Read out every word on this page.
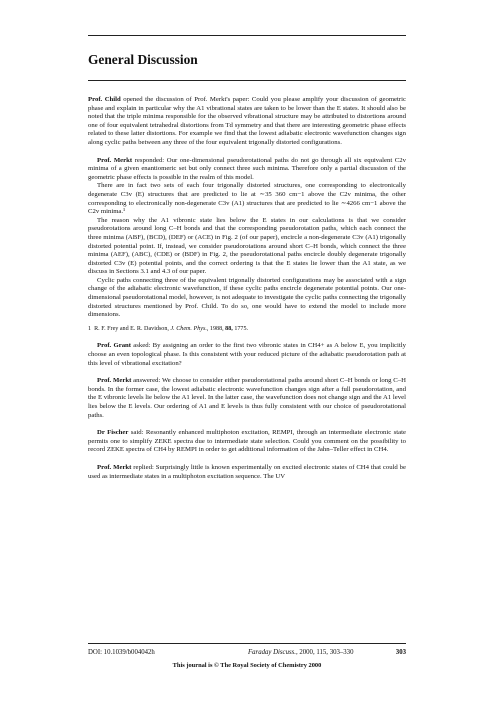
General Discussion

Prof. Child opened the discussion of Prof. Merkt's paper: Could you please amplify your discussion of geometric phase and explain in particular why the A1 vibrational states are taken to be lower than the E states. It should also be noted that the triple minima responsible for the observed vibrational structure may be attributed to distortions around one of four equivalent tetrahedral distortions from Td symmetry and that there are interesting geometric phase effects related to these latter distortions. For example we find that the lowest adiabatic electronic wavefunction changes sign along cyclic paths between any three of the four equivalent trigonally distorted configurations.

Prof. Merkt responded: Our one-dimensional pseudorotational paths do not go through all six equivalent C2v minima of a given enantiomeric set but only connect three such minima. Therefore only a partial discussion of the geometric phase effects is possible in the realm of this model.

There are in fact two sets of each four trigonally distorted structures, one corresponding to electronically degenerate C3v (E) structures that are predicted to lie at ∼35 360 cm−1 above the C2v minima, the other corresponding to electronically non-degenerate C3v (A1) structures that are predicted to lie ∼4266 cm−1 above the C2v minima.¹

The reason why the A1 vibronic state lies below the E states in our calculations is that we consider pseudorotations around long C–H bonds and that the corresponding pseudorotation paths, which each connect the three minima (ABF), (BCD), (DEF) or (ACE) in Fig. 2 (of our paper), encircle a non-degenerate C3v (A1) trigonally distorted potential point. If, instead, we consider pseudorotations around short C–H bonds, which connect the three minima (AEF), (ABC), (CDE) or (BDF) in Fig. 2, the pseudorotational paths encircle doubly degenerate trigonally distorted C3v (E) potential points, and the correct ordering is that the E states lie lower than the A1 state, as we discuss in Sections 3.1 and 4.3 of our paper.

Cyclic paths connecting three of the equivalent trigonally distorted configurations may be associated with a sign change of the adiabatic electronic wavefunction, if these cyclic paths encircle degenerate potential points. Our one-dimensional pseudorotational model, however, is not adequate to investigate the cyclic paths connecting the trigonally distorted structures mentioned by Prof. Child. To do so, one would have to extend the model to include more dimensions.

1 R. F. Frey and E. R. Davidson, J. Chem. Phys., 1988, 88, 1775.

Prof. Grant asked: By assigning an order to the first two vibronic states in CH4+ as A below E, you implicitly choose an even topological phase. Is this consistent with your reduced picture of the adiabatic pseudorotation path at this level of vibrational excitation?

Prof. Merkt answered: We choose to consider either pseudorotational paths around short C–H bonds or long C–H bonds. In the former case, the lowest adiabatic electronic wavefunction changes sign after a full pseudorotation, and the E vibronic levels lie below the A1 level. In the latter case, the wavefunction does not change sign and the A1 level lies below the E levels. Our ordering of A1 and E levels is thus fully consistent with our choice of pseudorotational paths.

Dr Fischer said: Resonantly enhanced multiphoton excitation, REMPI, through an intermediate electronic state permits one to simplify ZEKE spectra due to intermediate state selection. Could you comment on the possibility to record ZEKE spectra of CH4 by REMPI in order to get additional information of the Jahn–Teller effect in CH4.

Prof. Merkt replied: Surprisingly little is known experimentally on excited electronic states of CH4 that could be used as intermediate states in a multiphoton excitation sequence. The UV

DOI: 10.1039/b004042h	Faraday Discuss., 2000, 115, 303–330	303
This journal is © The Royal Society of Chemistry 2000
